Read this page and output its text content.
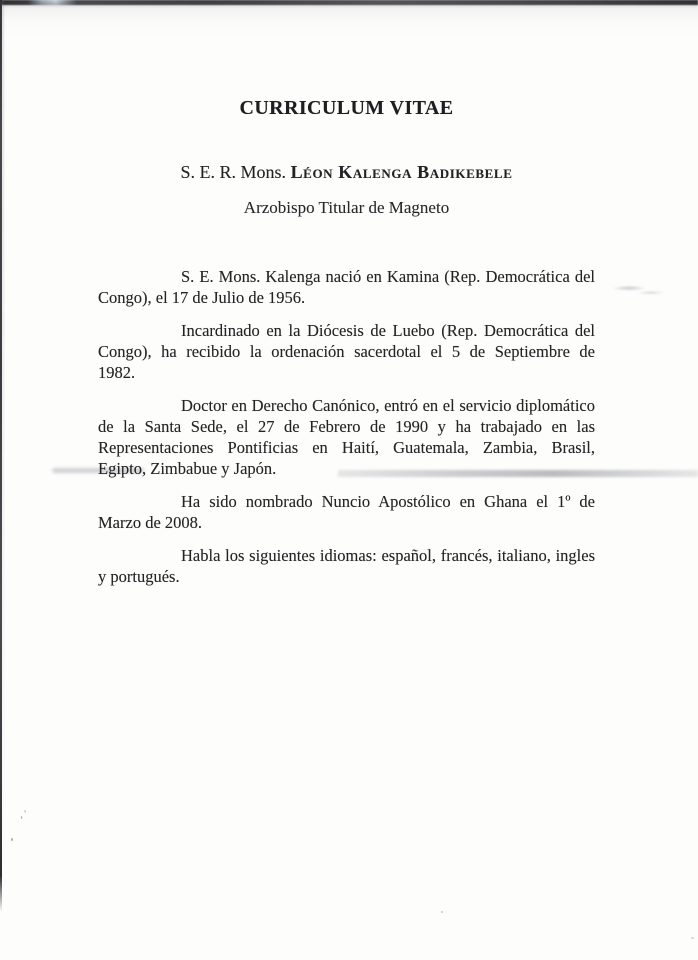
,ʹ
CURRICULUM VITAE
S. E. R. Mons. Léon Kalenga Badikebele
Arzobispo Titular de Magneto
S. E. Mons. Kalenga nació en Kamina (Rep. Democrática del
Congo), el 17 de Julio de 1956.
Incardinado en la Diócesis de Luebo (Rep. Democrática del
Congo), ha recibido la ordenación sacerdotal el 5 de Septiembre de
1982.
Doctor en Derecho Canónico, entró en el servicio diplomático
de la Santa Sede, el 27 de Febrero de 1990 y ha trabajado en las
Representaciones Pontificias en Haití, Guatemala, Zambia, Brasil,
Egipto, Zimbabue y Japón.
Ha sido nombrado Nuncio Apostólico en Ghana el 1º de
Marzo de 2008.
Habla los siguientes idiomas: español, francés, italiano, ingles
y portugués.
